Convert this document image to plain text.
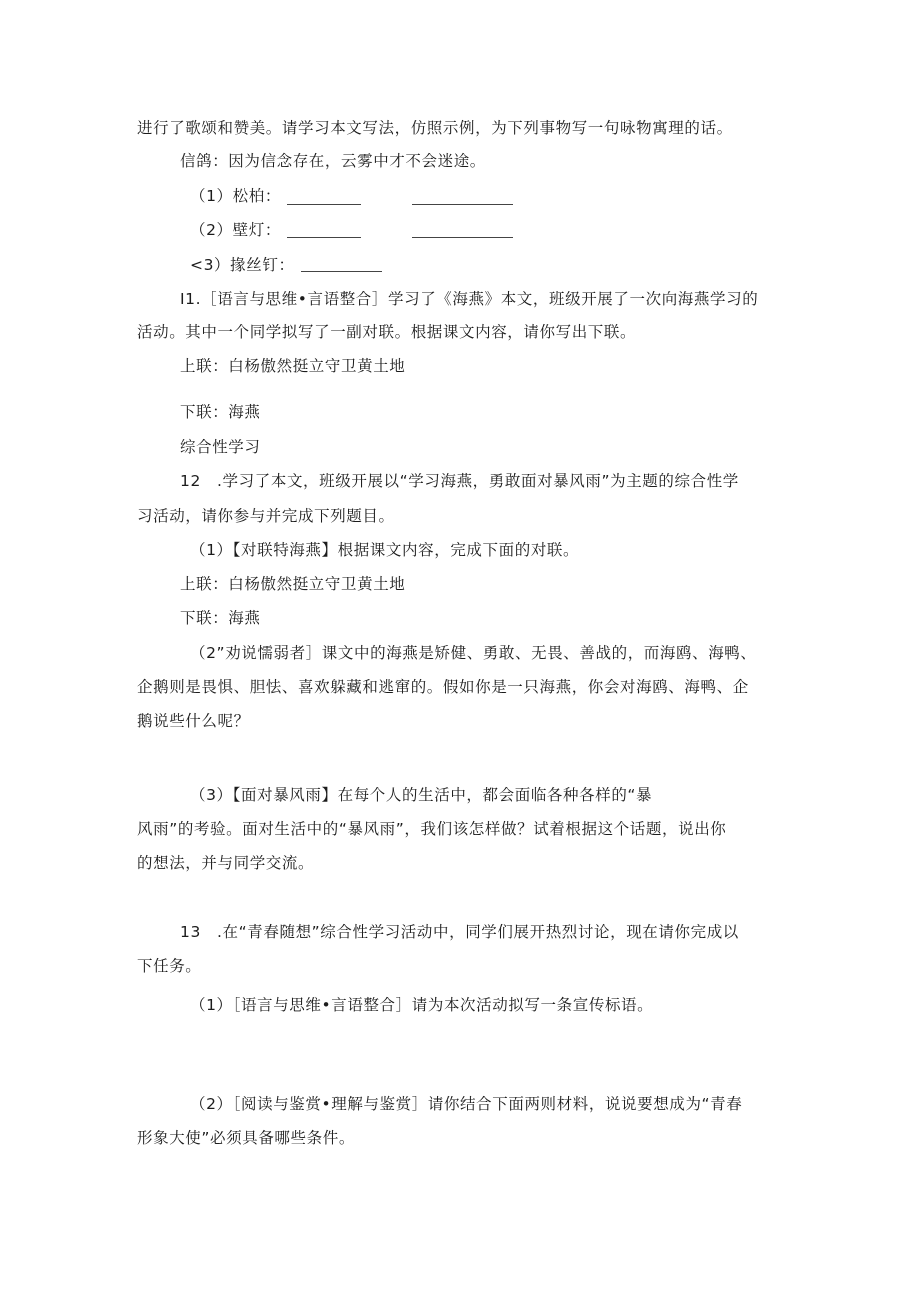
进行了歌颂和赞美。请学习本文写法，仿照示例，为下列事物写一句咏物寓理的话。
信鸽：因为信念存在，云雾中才不会迷途。
（1）松柏：
（2）壁灯：
<3）掾丝钉：
I1.［语言与思维•言语整合］学习了《海燕》本文，班级开展了一次向海燕学习的
活动。其中一个同学拟写了一副对联。根据课文内容，请你写出下联。
上联：白杨傲然挺立守卫黄土地
下联：海燕
综合性学习
12　.学习了本文，班级开展以“学习海燕，勇敢面对暴风雨”为主题的综合性学
习活动，请你参与并完成下列题目。
（1）【对联特海燕】根据课文内容，完成下面的对联。
上联：白杨傲然挺立守卫黄土地
下联：海燕
（2”劝说懦弱者］课文中的海燕是矫健、勇敢、无畏、善战的，而海鸥、海鸭、
企鹅则是畏惧、胆怯、喜欢躲藏和逃窜的。假如你是一只海燕，你会对海鸥、海鸭、企
鹅说些什么呢？
（3）【面对暴风雨】在每个人的生活中，都会面临各种各样的“暴
风雨”的考验。面对生活中的“暴风雨”，我们该怎样做？试着根据这个话题，说出你
的想法，并与同学交流。
13　.在“青春随想”综合性学习活动中，同学们展开热烈讨论，现在请你完成以
下任务。
（1）［语言与思维•言语整合］请为本次活动拟写一条宣传标语。
（2）［阅读与鉴赏•理解与鉴赏］请你结合下面两则材料，说说要想成为“青春
形象大使”必须具备哪些条件。
